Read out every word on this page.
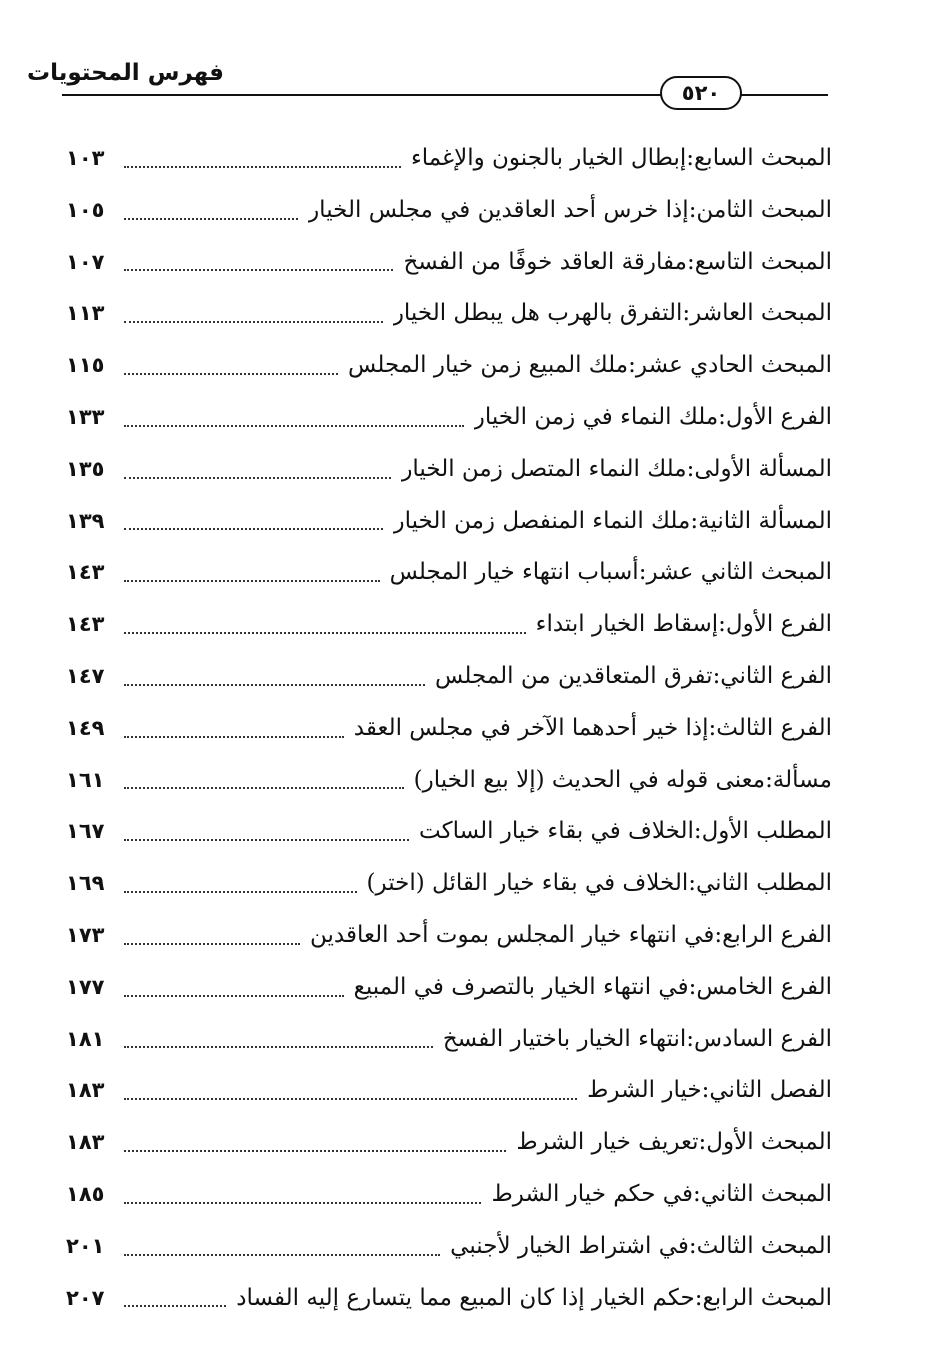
فهرس المحتويات
٥٢٠
المبحث السابع:
إبطال الخيار بالجنون والإغماء
١٠٣
المبحث الثامن:
إذا خرس أحد العاقدين في مجلس الخيار
١٠٥
المبحث التاسع:
مفارقة العاقد خوفًا من الفسخ
١٠٧
المبحث العاشر:
التفرق بالهرب هل يبطل الخيار
١١٣
المبحث الحادي عشر:
ملك المبيع زمن خيار المجلس
١١٥
الفرع الأول:
ملك النماء في زمن الخيار
١٣٣
المسألة الأولى:
ملك النماء المتصل زمن الخيار
١٣٥
المسألة الثانية:
ملك النماء المنفصل زمن الخيار
١٣٩
المبحث الثاني عشر:
أسباب انتهاء خيار المجلس
١٤٣
الفرع الأول:
إسقاط الخيار ابتداء
١٤٣
الفرع الثاني:
تفرق المتعاقدين من المجلس
١٤٧
الفرع الثالث:
إذا خير أحدهما الآخر في مجلس العقد
١٤٩
مسألة:
معنى قوله في الحديث (إلا بيع الخيار)
١٦١
المطلب الأول:
الخلاف في بقاء خيار الساكت
١٦٧
المطلب الثاني:
الخلاف في بقاء خيار القائل (اختر)
١٦٩
الفرع الرابع:
في انتهاء خيار المجلس بموت أحد العاقدين
١٧٣
الفرع الخامس:
في انتهاء الخيار بالتصرف في المبيع
١٧٧
الفرع السادس:
انتهاء الخيار باختيار الفسخ
١٨١
الفصل الثاني:
خيار الشرط
١٨٣
المبحث الأول:
تعريف خيار الشرط
١٨٣
المبحث الثاني:
في حكم خيار الشرط
١٨٥
المبحث الثالث:
في اشتراط الخيار لأجنبي
٢٠١
المبحث الرابع:
حكم الخيار إذا كان المبيع مما يتسارع إليه الفساد
٢٠٧
